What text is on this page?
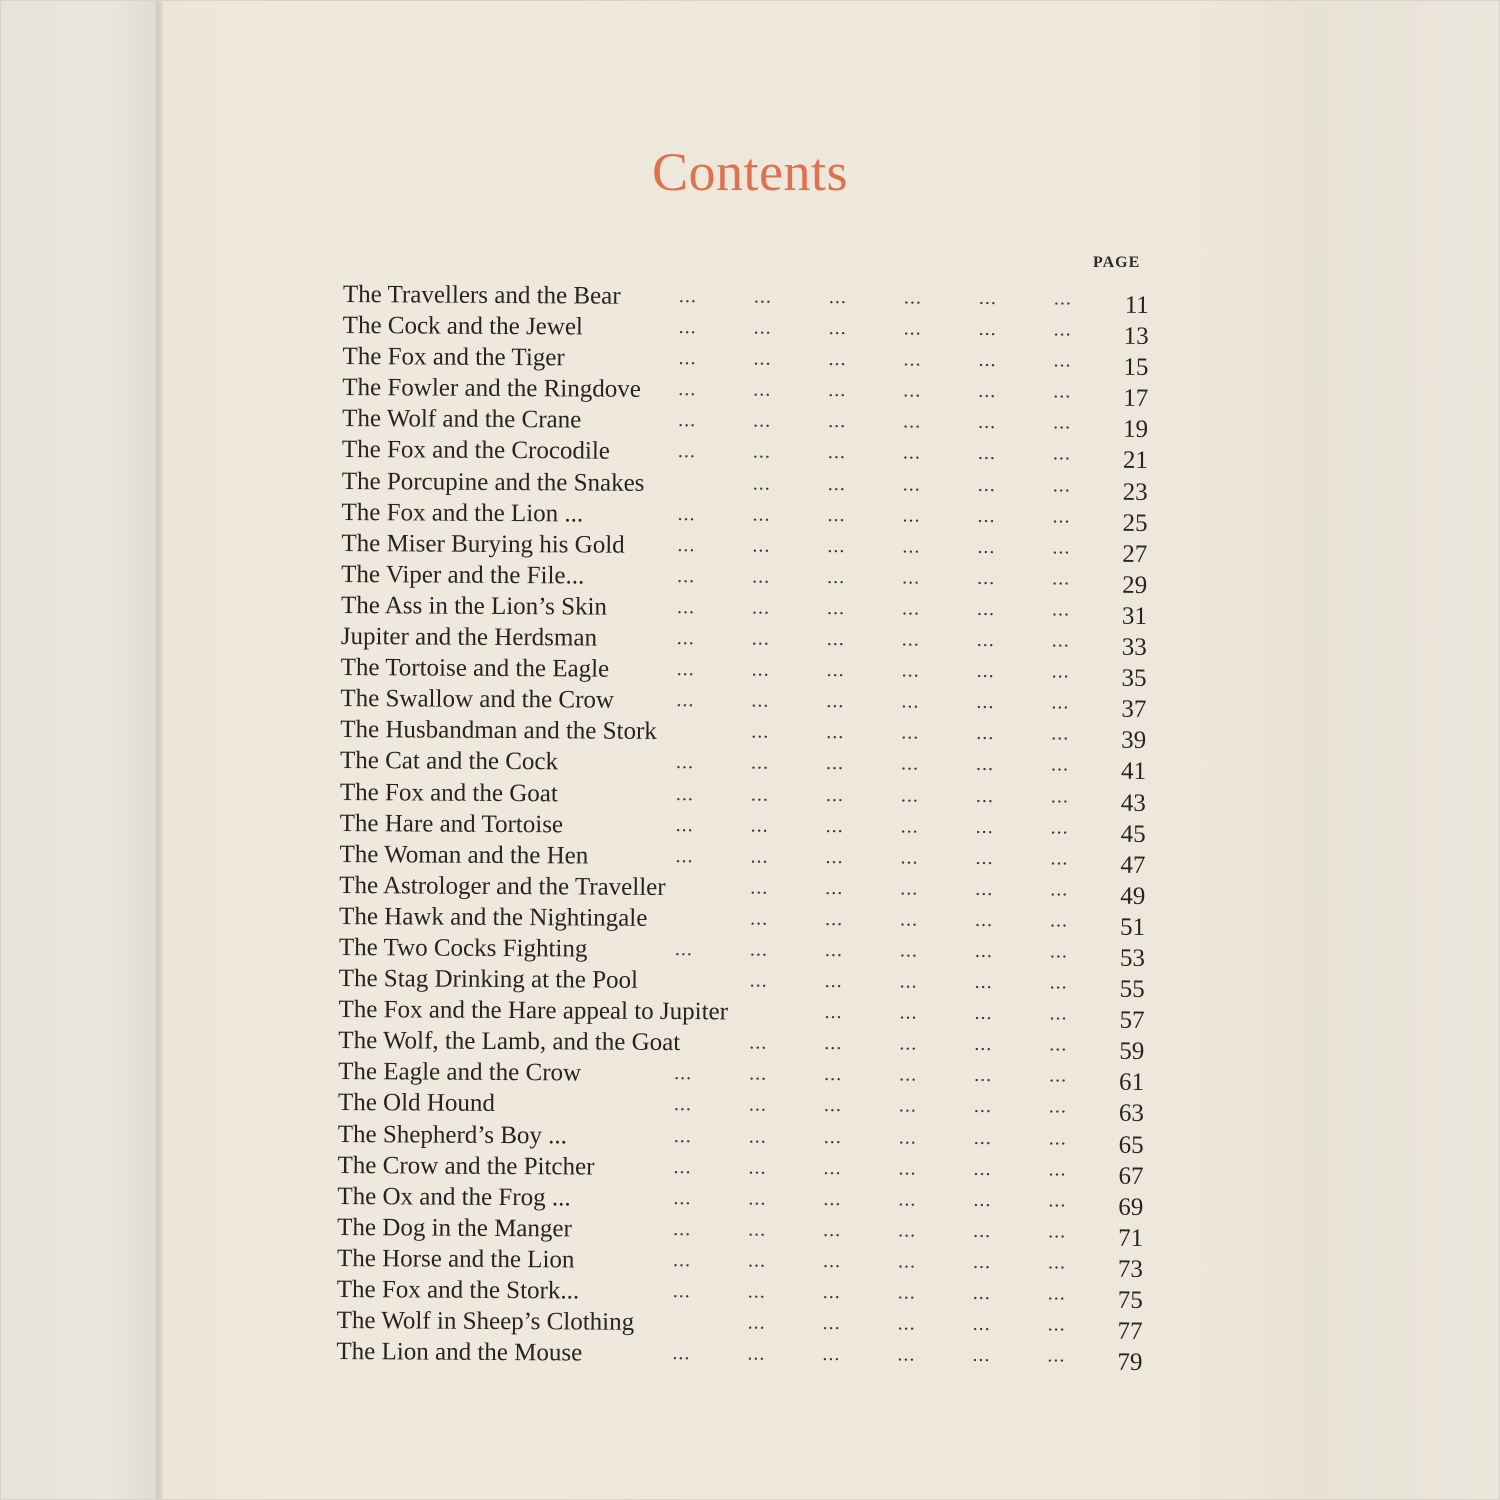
Contents
PAGE
The Travellers and the Bear	...	...	...	...	...	...	11
The Cock and the Jewel	...	...	...	...	...	...	13
The Fox and the Tiger	...	...	...	...	...	...	15
The Fowler and the Ringdove	...	...	...	...	...	...	17
The Wolf and the Crane	...	...	...	...	...	...	19
The Fox and the Crocodile	...	...	...	...	...	...	21
The Porcupine and the Snakes	...	...	...	...	...	23
The Fox and the Lion ...	...	...	...	...	...	...	25
The Miser Burying his Gold	...	...	...	...	...	...	27
The Viper and the File...	...	...	...	...	...	...	29
The Ass in the Lion’s Skin	...	...	...	...	...	...	31
Jupiter and the Herdsman	...	...	...	...	...	...	33
The Tortoise and the Eagle	...	...	...	...	...	...	35
The Swallow and the Crow	...	...	...	...	...	...	37
The Husbandman and the Stork	...	...	...	...	...	39
The Cat and the Cock	...	...	...	...	...	...	41
The Fox and the Goat	...	...	...	...	...	...	43
The Hare and Tortoise	...	...	...	...	...	...	45
The Woman and the Hen	...	...	...	...	...	...	47
The Astrologer and the Traveller	...	...	...	...	...	49
The Hawk and the Nightingale	...	...	...	...	...	51
The Two Cocks Fighting	...	...	...	...	...	...	53
The Stag Drinking at the Pool	...	...	...	...	...	55
The Fox and the Hare appeal to Jupiter	...	...	...	...	57
The Wolf, the Lamb, and the Goat	...	...	...	...	...	59
The Eagle and the Crow	...	...	...	...	...	...	61
The Old Hound	...	...	...	...	...	...	63
The Shepherd’s Boy ...	...	...	...	...	...	...	65
The Crow and the Pitcher	...	...	...	...	...	...	67
The Ox and the Frog ...	...	...	...	...	...	...	69
The Dog in the Manger	...	...	...	...	...	...	71
The Horse and the Lion	...	...	...	...	...	...	73
The Fox and the Stork...	...	...	...	...	...	...	75
The Wolf in Sheep’s Clothing	...	...	...	...	...	77
The Lion and the Mouse	...	...	...	...	...	...	79
